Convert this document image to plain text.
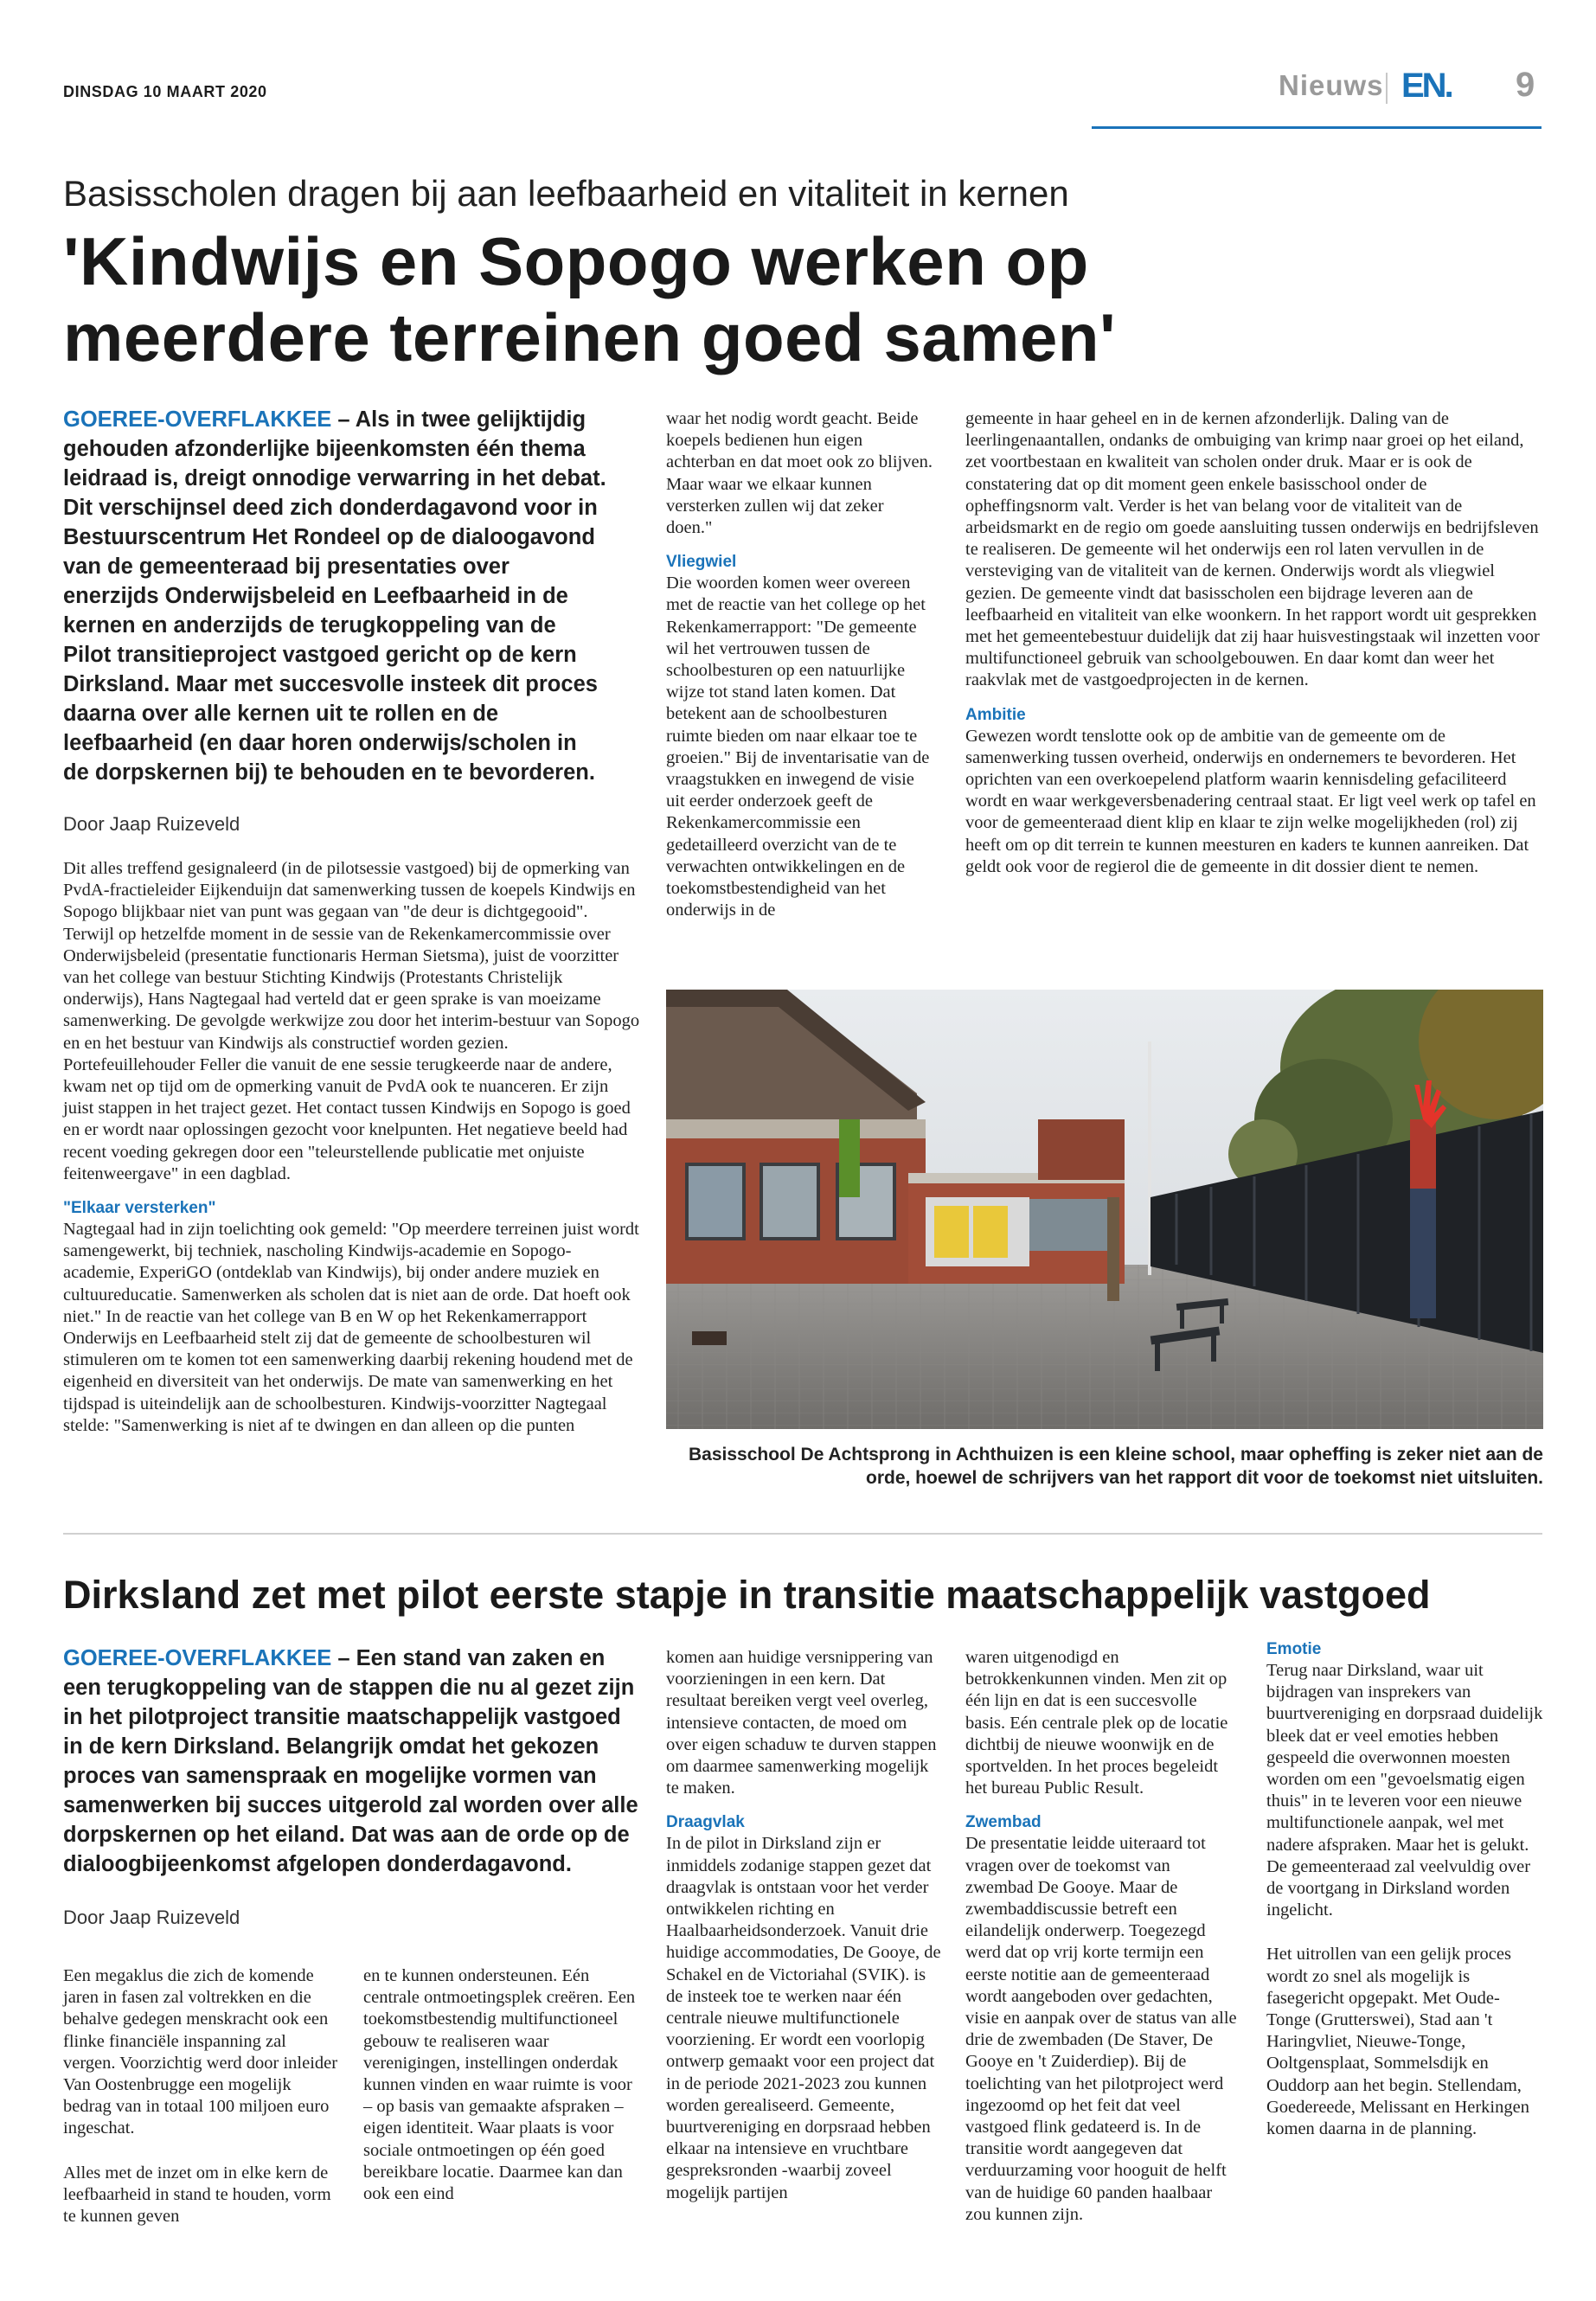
DINSDAG 10 MAART 2020	Nieuws EN. 9
Basisscholen dragen bij aan leefbaarheid en vitaliteit in kernen
'Kindwijs en Sopogo werken op
meerdere terreinen goed samen'
GOEREE-OVERFLAKKEE – Als in twee gelijktijdig gehouden afzonderlijke bijeenkomsten één thema leidraad is, dreigt onnodige verwarring in het debat. Dit verschijnsel deed zich donderdagavond voor in Bestuurscentrum Het Rondeel op de dialoogavond van de gemeenteraad bij presentaties over enerzijds Onderwijsbeleid en Leefbaarheid in de kernen en anderzijds de terugkoppeling van de Pilot transitieproject vastgoed gericht op de kern Dirksland. Maar met succesvolle insteek dit proces daarna over alle kernen uit te rollen en de leefbaarheid (en daar horen onderwijs/scholen in de dorpskernen bij) te behouden en te bevorderen.
Door Jaap Ruizeveld

Dit alles treffend gesignaleerd (in de pilotsessie vastgoed) bij de opmerking van PvdA-fractieleider Eijkenduijn dat samenwerking tussen de koepels Kindwijs en Sopogo blijkbaar niet van punt was gegaan van "de deur is dichtgegooid". Terwijl op hetzelfde moment in de sessie van de Rekenkamercommissie over Onderwijsbeleid (presentatie functionaris Herman Sietsma), juist de voorzitter van het college van bestuur Stichting Kindwijs (Protestants Christelijk onderwijs), Hans Nagtegaal had verteld dat er geen sprake is van moeizame samenwerking. De gevolgde werkwijze zou door het interim-bestuur van Sopogo en en het bestuur van Kindwijs als constructief worden gezien. Portefeuillehouder Feller die vanuit de ene sessie terugkeerde naar de andere, kwam net op tijd om de opmerking vanuit de PvdA ook te nuanceren. Er zijn juist stappen in het traject gezet. Het contact tussen Kindwijs en Sopogo is goed en er wordt naar oplossingen gezocht voor knelpunten. Het negatieve beeld had recent voeding gekregen door een "teleurstellende publicatie met onjuiste feitenweergave" in een dagblad.

"Elkaar versterken"

Nagtegaal had in zijn toelichting ook gemeld: "Op meerdere terreinen juist wordt samengewerkt, bij techniek, nascholing Kindwijs-academie en Sopogo-academie, ExperiGO (ontdeklab van Kindwijs), bij onder andere muziek en cultuureducatie. Samenwerken als scholen dat is niet aan de orde. Dat hoeft ook niet." In de reactie van het college van B en W op het Rekenkamerrapport Onderwijs en Leefbaarheid stelt zij dat de gemeente de schoolbesturen wil stimuleren om te komen tot een samenwerking daarbij rekening houdend met de eigenheid en diversiteit van het onderwijs. De mate van samenwerking en het tijdspad is uiteindelijk aan de schoolbesturen. Kindwijs-voorzitter Nagtegaal stelde: "Samenwerking is niet af te dwingen en dan alleen op die punten

waar het nodig wordt geacht. Beide koepels bedienen hun eigen achterban en dat moet ook zo blijven. Maar waar we elkaar kunnen versterken zullen wij dat zeker doen."

Vliegwiel

Die woorden komen weer overeen met de reactie van het college op het Rekenkamerrapport: "De gemeente wil het vertrouwen tussen de schoolbesturen op een natuurlijke wijze tot stand laten komen. Dat betekent aan de schoolbesturen ruimte bieden om naar elkaar toe te groeien." Bij de inventarisatie van de vraagstukken en inwegend de visie uit eerder onderzoek geeft de Rekenkamercommissie een gedetailleerd overzicht van de te verwachten ontwikkelingen en de toekomstbestendigheid van het onderwijs in de

gemeente in haar geheel en in de kernen afzonderlijk. Daling van de leerlingenaantallen, ondanks de ombuiging van krimp naar groei op het eiland, zet voortbestaan en kwaliteit van scholen onder druk. Maar er is ook de constatering dat op dit moment geen enkele basisschool onder de opheffingsnorm valt. Verder is het van belang voor de vitaliteit van de arbeidsmarkt en de regio om goede aansluiting tussen onderwijs en bedrijfsleven te realiseren. De gemeente wil het onderwijs een rol laten vervullen in de versteviging van de vitaliteit van de kernen. Onderwijs wordt als vliegwiel gezien. De gemeente vindt dat basisscholen een bijdrage leveren aan de leefbaarheid en vitaliteit van elke woonkern. In het rapport wordt uit gesprekken met het gemeentebestuur duidelijk dat zij haar huisvestingstaak wil inzetten voor multifunctioneel gebruik van schoolgebouwen. En daar komt dan weer het raakvlak met de vastgoedprojecten in de kernen.

Ambitie

Gewezen wordt tenslotte ook op de ambitie van de gemeente om de samenwerking tussen overheid, onderwijs en ondernemers te bevorderen. Het oprichten van een overkoepelend platform waarin kennisdeling gefaciliteerd wordt en waar werkgeversbenadering centraal staat. Er ligt veel werk op tafel en voor de gemeenteraad dient klip en klaar te zijn welke mogelijkheden (rol) zij heeft om op dit terrein te kunnen meesturen en kaders te kunnen aanreiken. Dat geldt ook voor de regierol die de gemeente in dit dossier dient te nemen.

Basisschool De Achtsprong in Achthuizen is een kleine school, maar opheffing is zeker niet aan de orde, hoewel de schrijvers van het rapport dit voor de toekomst niet uitsluiten.
Dirksland zet met pilot eerste stapje in transitie maatschappelijk vastgoed
GOEREE-OVERFLAKKEE – Een stand van zaken en een terugkoppeling van de stappen die nu al gezet zijn in het pilotproject transitie maatschappelijk vastgoed in de kern Dirksland. Belangrijk omdat het gekozen proces van samenspraak en mogelijke vormen van samenwerken bij succes uitgerold zal worden over alle dorpskernen op het eiland. Dat was aan de orde op de dialoogbijeenkomst afgelopen donderdagavond.
Door Jaap Ruizeveld

Een megaklus die zich de komende jaren in fasen zal voltrekken en die behalve gedegen menskracht ook een flinke financiële inspanning zal vergen. Voorzichtig werd door inleider Van Oostenbrugge een mogelijk bedrag van in totaal 100 miljoen euro ingeschat.

Alles met de inzet om in elke kern de leefbaarheid in stand te houden, vorm te kunnen geven

en te kunnen ondersteunen. Eén centrale ontmoetingsplek creëren. Een toekomstbestendig multifunctioneel gebouw te realiseren waar verenigingen, instellingen onderdak kunnen vinden en waar ruimte is voor – op basis van gemaakte afspraken – eigen identiteit. Waar plaats is voor sociale ontmoetingen op één goed bereikbare locatie. Daarmee kan dan ook een eind

komen aan huidige versnippering van voorzieningen in een kern. Dat resultaat bereiken vergt veel overleg, intensieve contacten, de moed om over eigen schaduw te durven stappen om daarmee samenwerking mogelijk te maken.

Draagvlak

In de pilot in Dirksland zijn er inmiddels zodanige stappen gezet dat draagvlak is ontstaan voor het verder ontwikkelen richting en Haalbaarheidsonderzoek. Vanuit drie huidige accommodaties, De Gooye, de Schakel en de Victoriahal (SVIK). is de insteek toe te werken naar één centrale nieuwe multifunctionele voorziening. Er wordt een voorlopig ontwerp gemaakt voor een project dat in de periode 2021-2023 zou kunnen worden gerealiseerd. Gemeente, buurtvereniging en dorpsraad hebben elkaar na intensieve en vruchtbare gespreksronden -waarbij zoveel mogelijk partijen

waren uitgenodigd en betrokkenkunnen vinden. Men zit op één lijn en dat is een succesvolle basis. Eén centrale plek op de locatie dichtbij de nieuwe woonwijk en de sportvelden. In het proces begeleidt het bureau Public Result.

Zwembad

De presentatie leidde uiteraard tot vragen over de toekomst van zwembad De Gooye. Maar de zwembaddiscussie betreft een eilandelijk onderwerp. Toegezegd werd dat op vrij korte termijn een eerste notitie aan de gemeenteraad wordt aangeboden over gedachten, visie en aanpak over de status van alle drie de zwembaden (De Staver, De Gooye en 't Zuiderdiep). Bij de toelichting van het pilotproject werd ingezoomd op het feit dat veel vastgoed flink gedateerd is. In de transitie wordt aangegeven dat verduurzaming voor hooguit de helft van de huidige 60 panden haalbaar zou kunnen zijn.

Emotie

Terug naar Dirksland, waar uit bijdragen van insprekers van buurtvereniging en dorpsraad duidelijk bleek dat er veel emoties hebben gespeeld die overwonnen moesten worden om een "gevoelsmatig eigen thuis" in te leveren voor een nieuwe multifunctionele aanpak, wel met nadere afspraken. Maar het is gelukt. De gemeenteraad zal veelvuldig over de voortgang in Dirksland worden ingelicht.

Het uitrollen van een gelijk proces wordt zo snel als mogelijk is fasegericht opgepakt. Met Oude-Tonge (Grutterswei), Stad aan 't Haringvliet, Nieuwe-Tonge, Ooltgensplaat, Sommelsdijk en Ouddorp aan het begin. Stellendam, Goedereede, Melissant en Herkingen komen daarna in de planning.
